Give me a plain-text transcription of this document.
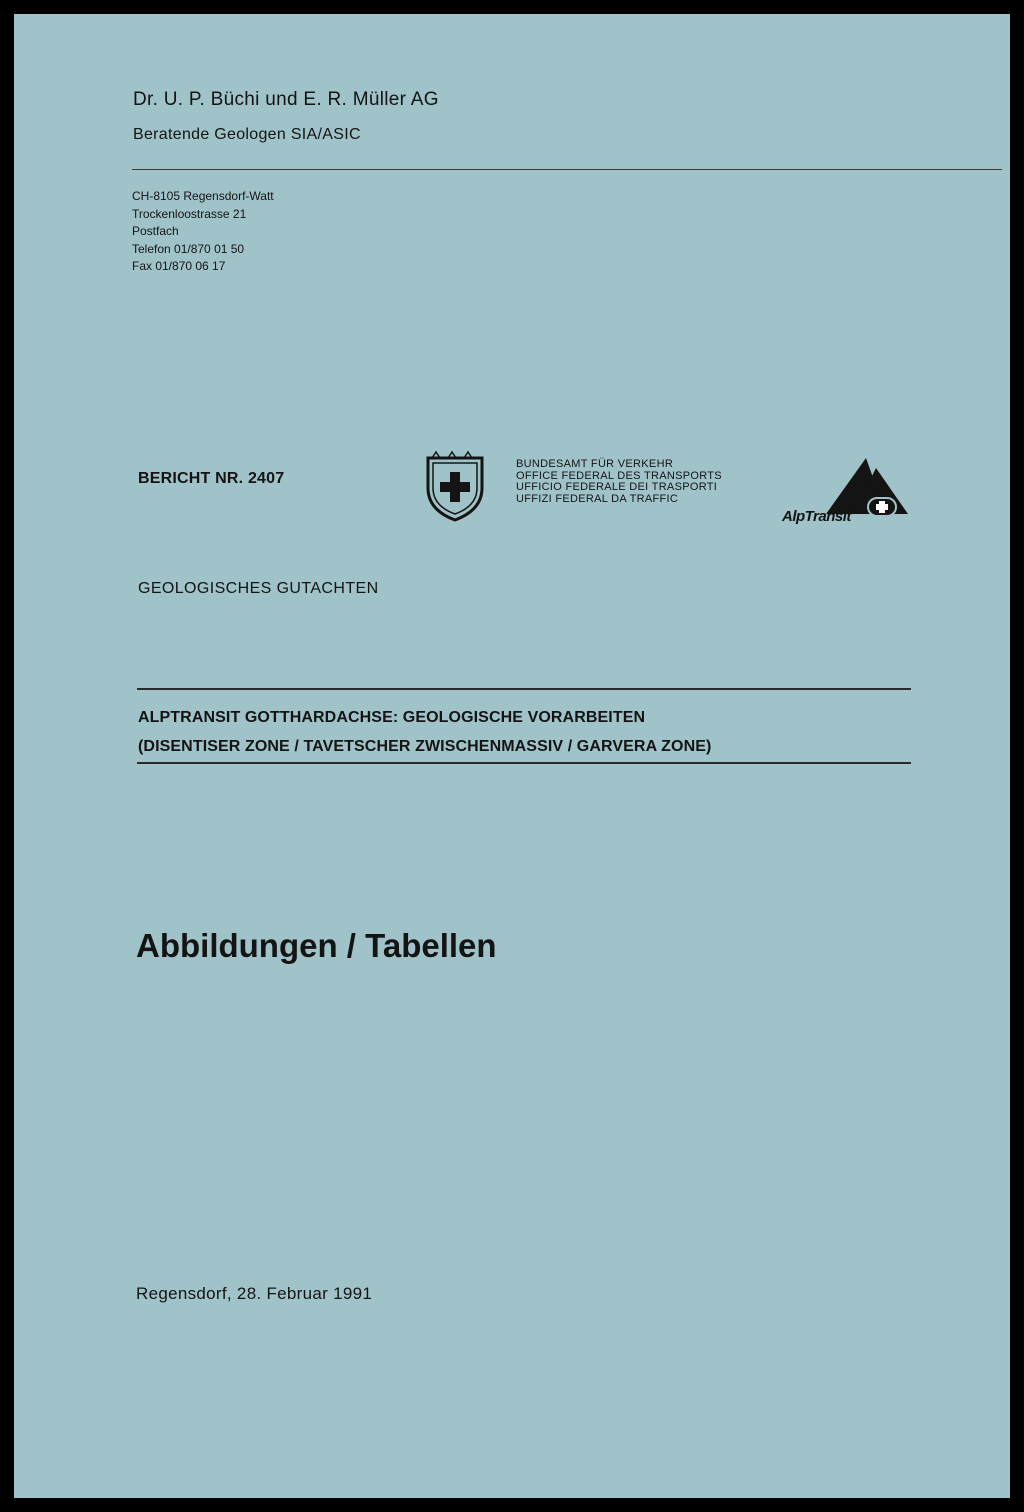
Dr. U. P. Büchi und E. R. Müller AG
Beratende Geologen SIA/ASIC
CH-8105 Regensdorf-Watt
Trockenloostrasse 21
Postfach
Telefon 01/870 01 50
Fax 01/870 06 17
BERICHT NR. 2407
BUNDESAMT FÜR VERKEHR
OFFICE FEDERAL DES TRANSPORTS
UFFICIO FEDERALE DEI TRASPORTI
UFFIZI FEDERAL DA TRAFFIC
AlpTransit
GEOLOGISCHES GUTACHTEN
ALPTRANSIT GOTTHARDACHSE: GEOLOGISCHE VORARBEITEN
(DISENTISER ZONE / TAVETSCHER ZWISCHENMASSIV / GARVERA ZONE)
Abbildungen / Tabellen
Regensdorf, 28. Februar 1991
